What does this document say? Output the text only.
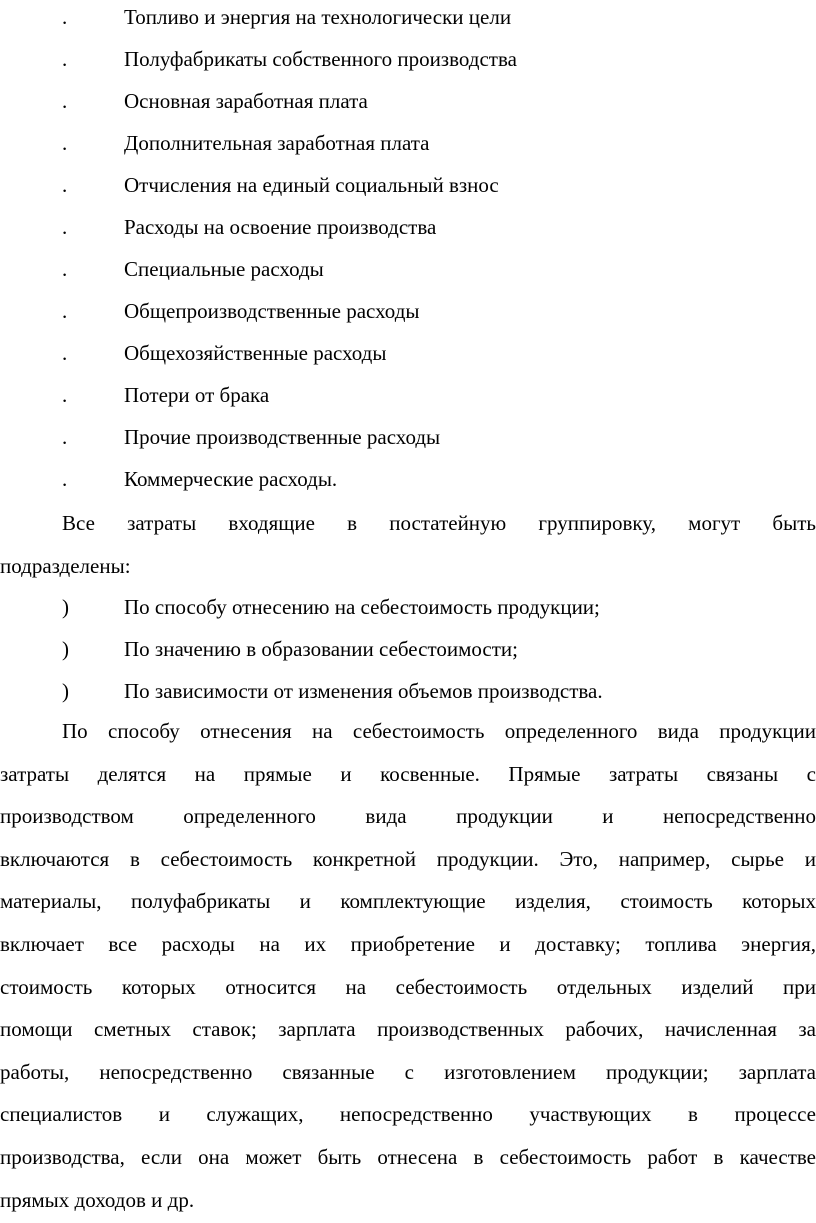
.	Топливо и энергия на технологически цели
.	Полуфабрикаты собственного производства
.	Основная заработная плата
.	Дополнительная заработная плата
.	Отчисления на единый социальный взнос
.	Расходы на освоение производства
.	Специальные расходы
.	Общепроизводственные расходы
.	Общехозяйственные расходы
.	Потери от брака
.	Прочие производственные расходы
.	Коммерческие расходы.
Все затраты входящие в постатейную группировку, могут быть
подразделены:
)	По способу отнесению на себестоимость продукции;
)	По значению в образовании себестоимости;
)	По зависимости от изменения объемов производства.
По способу отнесения на себестоимость определенного вида продукции
затраты делятся на прямые и косвенные. Прямые затраты связаны с
производством определенного вида продукции и непосредственно
включаются в себестоимость конкретной продукции. Это, например, сырье и
материалы, полуфабрикаты и комплектующие изделия, стоимость которых
включает все расходы на их приобретение и доставку; топлива энергия,
стоимость которых относится на себестоимость отдельных изделий при
помощи сметных ставок; зарплата производственных рабочих, начисленная за
работы, непосредственно связанные с изготовлением продукции; зарплата
специалистов и служащих, непосредственно участвующих в процессе
производства, если она может быть отнесена в себестоимость работ в качестве
прямых доходов и др.
